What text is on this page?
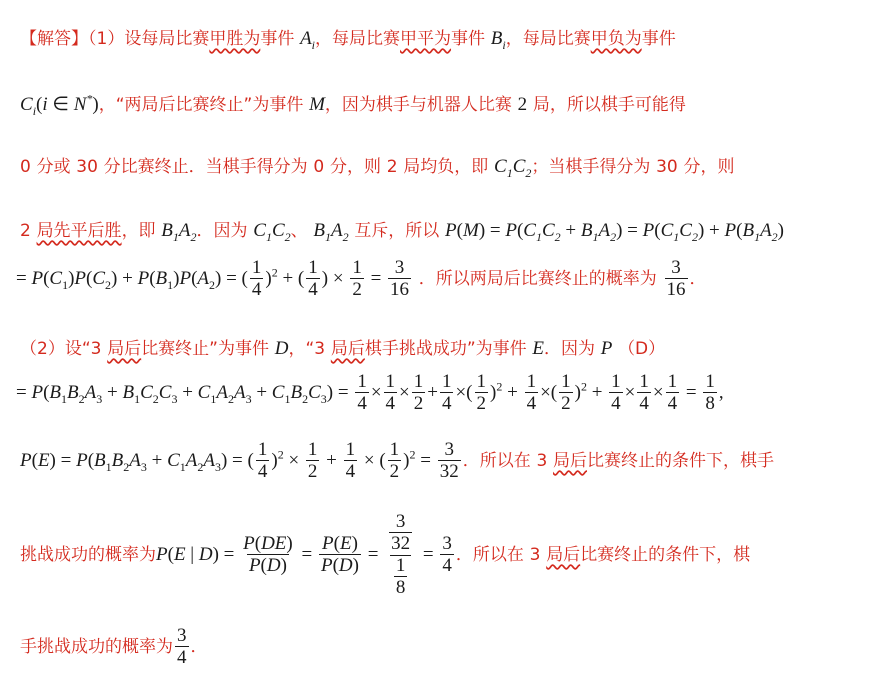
【解答】（1）设每局比赛甲胜为事件 $A_i$，每局比赛甲平为事件 $B_i$，每局比赛甲负为事件
$C_i(i$ ∈ N*)，“两局后比赛终止”为事件 M，因为棋手与机器人比赛 2 局，所以棋手可能得
0 分或 30 分比赛终止．当棋手得分为 0 分，则 2 局均负，即 $C_1C_2$；当棋手得分为 30 分，则
2 局先平后胜，即 $B_1A_2$．因为 $C_1C_2$、 $B_1A_2$ 互斥，所以 $P(M) = P(C_1C_2 + B_1A_2) = P(C_1C_2) + P(B_1A_2)$
= $P(C_1)P(C_2) + P(B_1)P(A_2)$ = ( $\frac{1}{4} )^2$ + ( $\frac{1}{4}$ ) × $\frac{1}{2} = \frac{3}{16}$ ．所以两局后比赛终止的概率为 $\frac{3}{16}$ ．
（2）设“3 局后比赛终止”为事件 D，“3 局后棋手挑战成功”为事件 E．因为 P （D）
= $P(B_1B_2A_3 + B_1C_2C_3 + C_1A_2A_3 + C_1B_2C_3) = \frac{1}{4} \times \frac{1}{4} \times \frac{1}{2} + \frac{1}{4}$ ×( $\frac{1}{2} )^2 + \frac{1}{4}$ ×( $\frac{1}{2} )^2 + \frac{1}{4} \times \frac{1}{4} \times \frac{1}{4} = \frac{1}{8}$ ,
$P(E) = P(B_1B_2A_3 + C_1A_2A_3)$ = ( $\frac{1}{4} )^2 \times \frac{1}{2} + \frac{1}{4}$ × ( $\frac{1}{2} )^2 = \frac{3}{32}$ ．所以在 3 局后比赛终止的条件下，棋手
挑战成功的概率为P(E | $D) = \frac{P(DE)}{P(D)} = \frac{P(E)}{P(D)} = \frac{\frac{3}{32}}{\frac{1}{8}} = \frac{3}{4}$ ．所以在 3 局后比赛终止的条件下，棋
手挑战成功的概率为 $\frac{3}{4}$ ．
